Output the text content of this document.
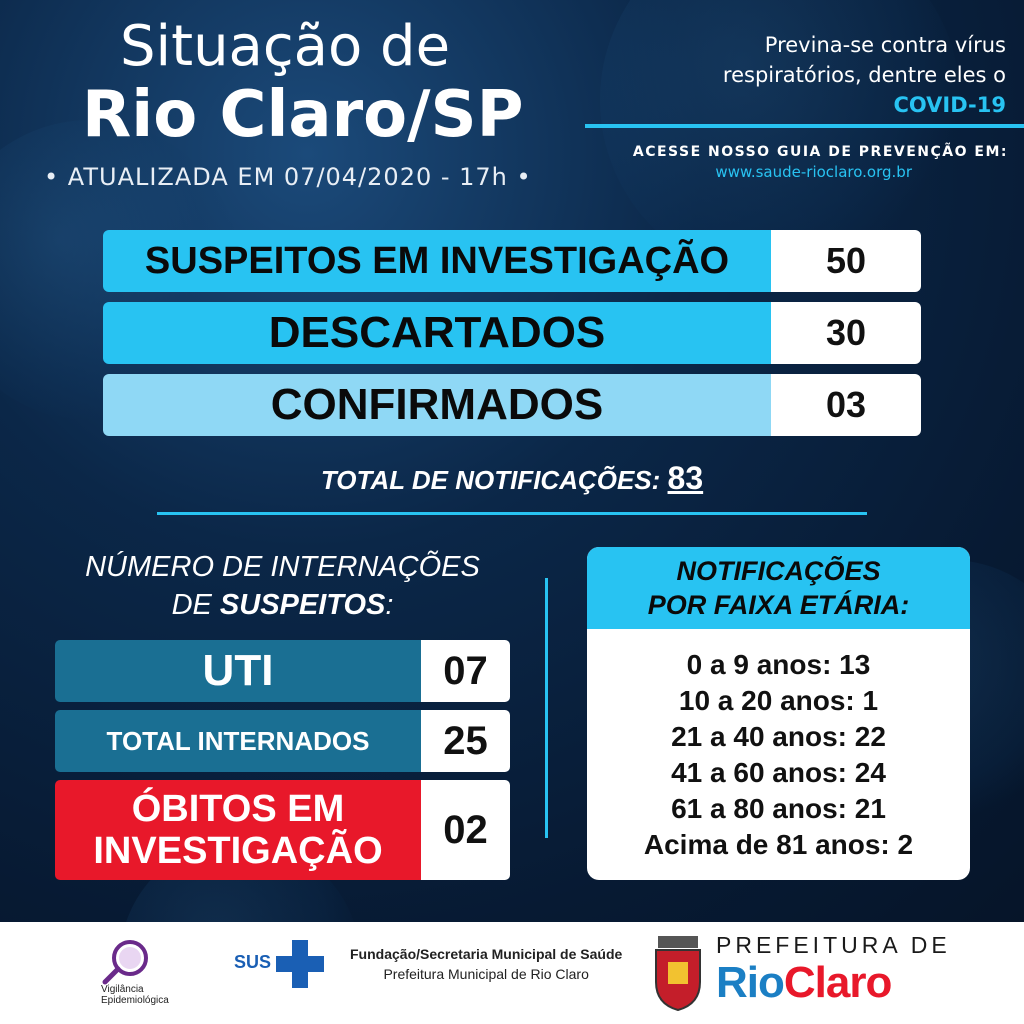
Situação de
Rio Claro/SP
• ATUALIZADA EM 07/04/2020 - 17h •
Previna-se contra vírus
respiratórios, dentre eles o
COVID-19
ACESSE NOSSO GUIA DE PREVENÇÃO EM:
www.saude-rioclaro.org.br
SUSPEITOS EM INVESTIGAÇÃO	50
DESCARTADOS	30
CONFIRMADOS	03
TOTAL DE NOTIFICAÇÕES: 83
NÚMERO DE INTERNAÇÕES
DE SUSPEITOS:
UTI	07
TOTAL INTERNADOS	25
ÓBITOS EM
INVESTIGAÇÃO	02
NOTIFICAÇÕES
POR FAIXA ETÁRIA:
0 a 9 anos: 13
10 a 20 anos: 1
21 a 40 anos: 22
41 a 60 anos: 24
61 a 80 anos: 21
Acima de 81 anos: 2
Vigilância
Epidemiológica
SUS	Fundação/Secretaria Municipal de Saúde
Prefeitura Municipal de Rio Claro
PREFEITURA DE
RioClaro
